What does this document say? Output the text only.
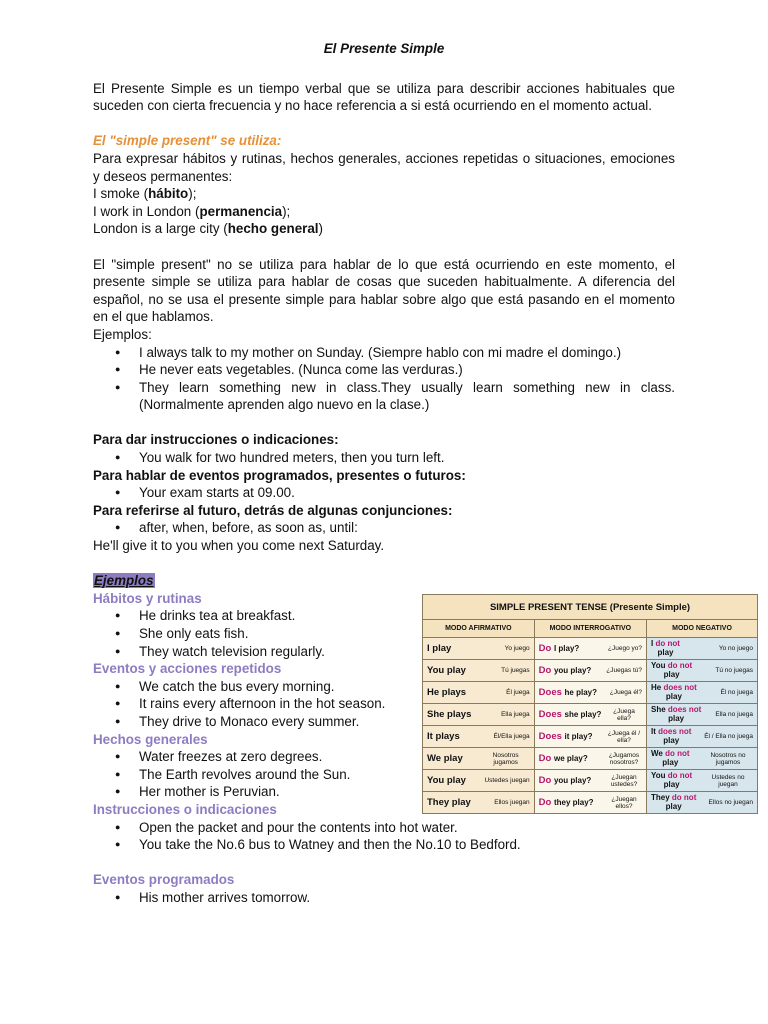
El Presente Simple

El Presente Simple es un tiempo verbal que se utiliza para describir acciones habituales que suceden con cierta frecuencia y no hace referencia a si está ocurriendo en el momento actual.

El "simple present" se utiliza:

Para expresar hábitos y rutinas, hechos generales, acciones repetidas o situaciones, emociones y deseos permanentes:

I smoke (hábito);
I work in London (permanencia);
London is a large city (hecho general)

El "simple present" no se utiliza para hablar de lo que está ocurriendo en este momento, el presente simple se utiliza para hablar de cosas que suceden habitualmente. A diferencia del español, no se usa el presente simple para hablar sobre algo que está pasando en el momento en el que hablamos.

Ejemplos:
● I always talk to my mother on Sunday. (Siempre hablo con mi madre el domingo.)
● He never eats vegetables. (Nunca come las verduras.)
● They learn something new in class.They usually learn something new in class. (Normalmente aprenden algo nuevo en la clase.)
Para dar instrucciones o indicaciones:
● You walk for two hundred meters, then you turn left.
Para hablar de eventos programados, presentes o futuros:
● Your exam starts at 09.00.
Para referirse al futuro, detrás de algunas conjunciones:
● after, when, before, as soon as, until:
He'll give it to you when you come next Saturday.
Ejemplos
Hábitos y rutinas
● He drinks tea at breakfast.
● She only eats fish.
● They watch television regularly.
Eventos y acciones repetidos
● We catch the bus every morning.
● It rains every afternoon in the hot season.
● They drive to Monaco every summer.
Hechos generales
● Water freezes at zero degrees.
● The Earth revolves around the Sun.
● Her mother is Peruvian.
Instrucciones o indicaciones
● Open the packet and pour the contents into hot water.
● You take the No.6 bus to Watney and then the No.10 to Bedford.
Eventos programados
● His mother arrives tomorrow.
SIMPLE PRESENT TENSE (Presente Simple)		
MODO AFIRMATIVO	MODO INTERROGATIVO	MODO NEGATIVO

I play Yo juego	Do I play? ¿Juego yo?	I do not
play Yo no juego

You play Tú juegas	Do you play? ¿Juegas tú?	You do not
play Tú no juegas

He plays Él juega	Does he play? ¿Juega él?	He does not
play Él no juega

She plays Ella juega	Does she play? ¿Juega ella?	She does not
play Ella no juega

It plays Él/Ella juega	Does it play? ¿Juega él / ella?	It does not
play Él / Ella no juega

We play Nosotros jugamos	Do we play? ¿Jugamos nosotros?	We do not
play
Nosotros no jugamos

You play Ustedes juegan	Do you play? ¿Juegan ustedes?	You do not
play
Ustedes no juegan

They play Ellos juegan	Do they play? ¿Juegan ellos?	They do not
play Ellos no juegan
